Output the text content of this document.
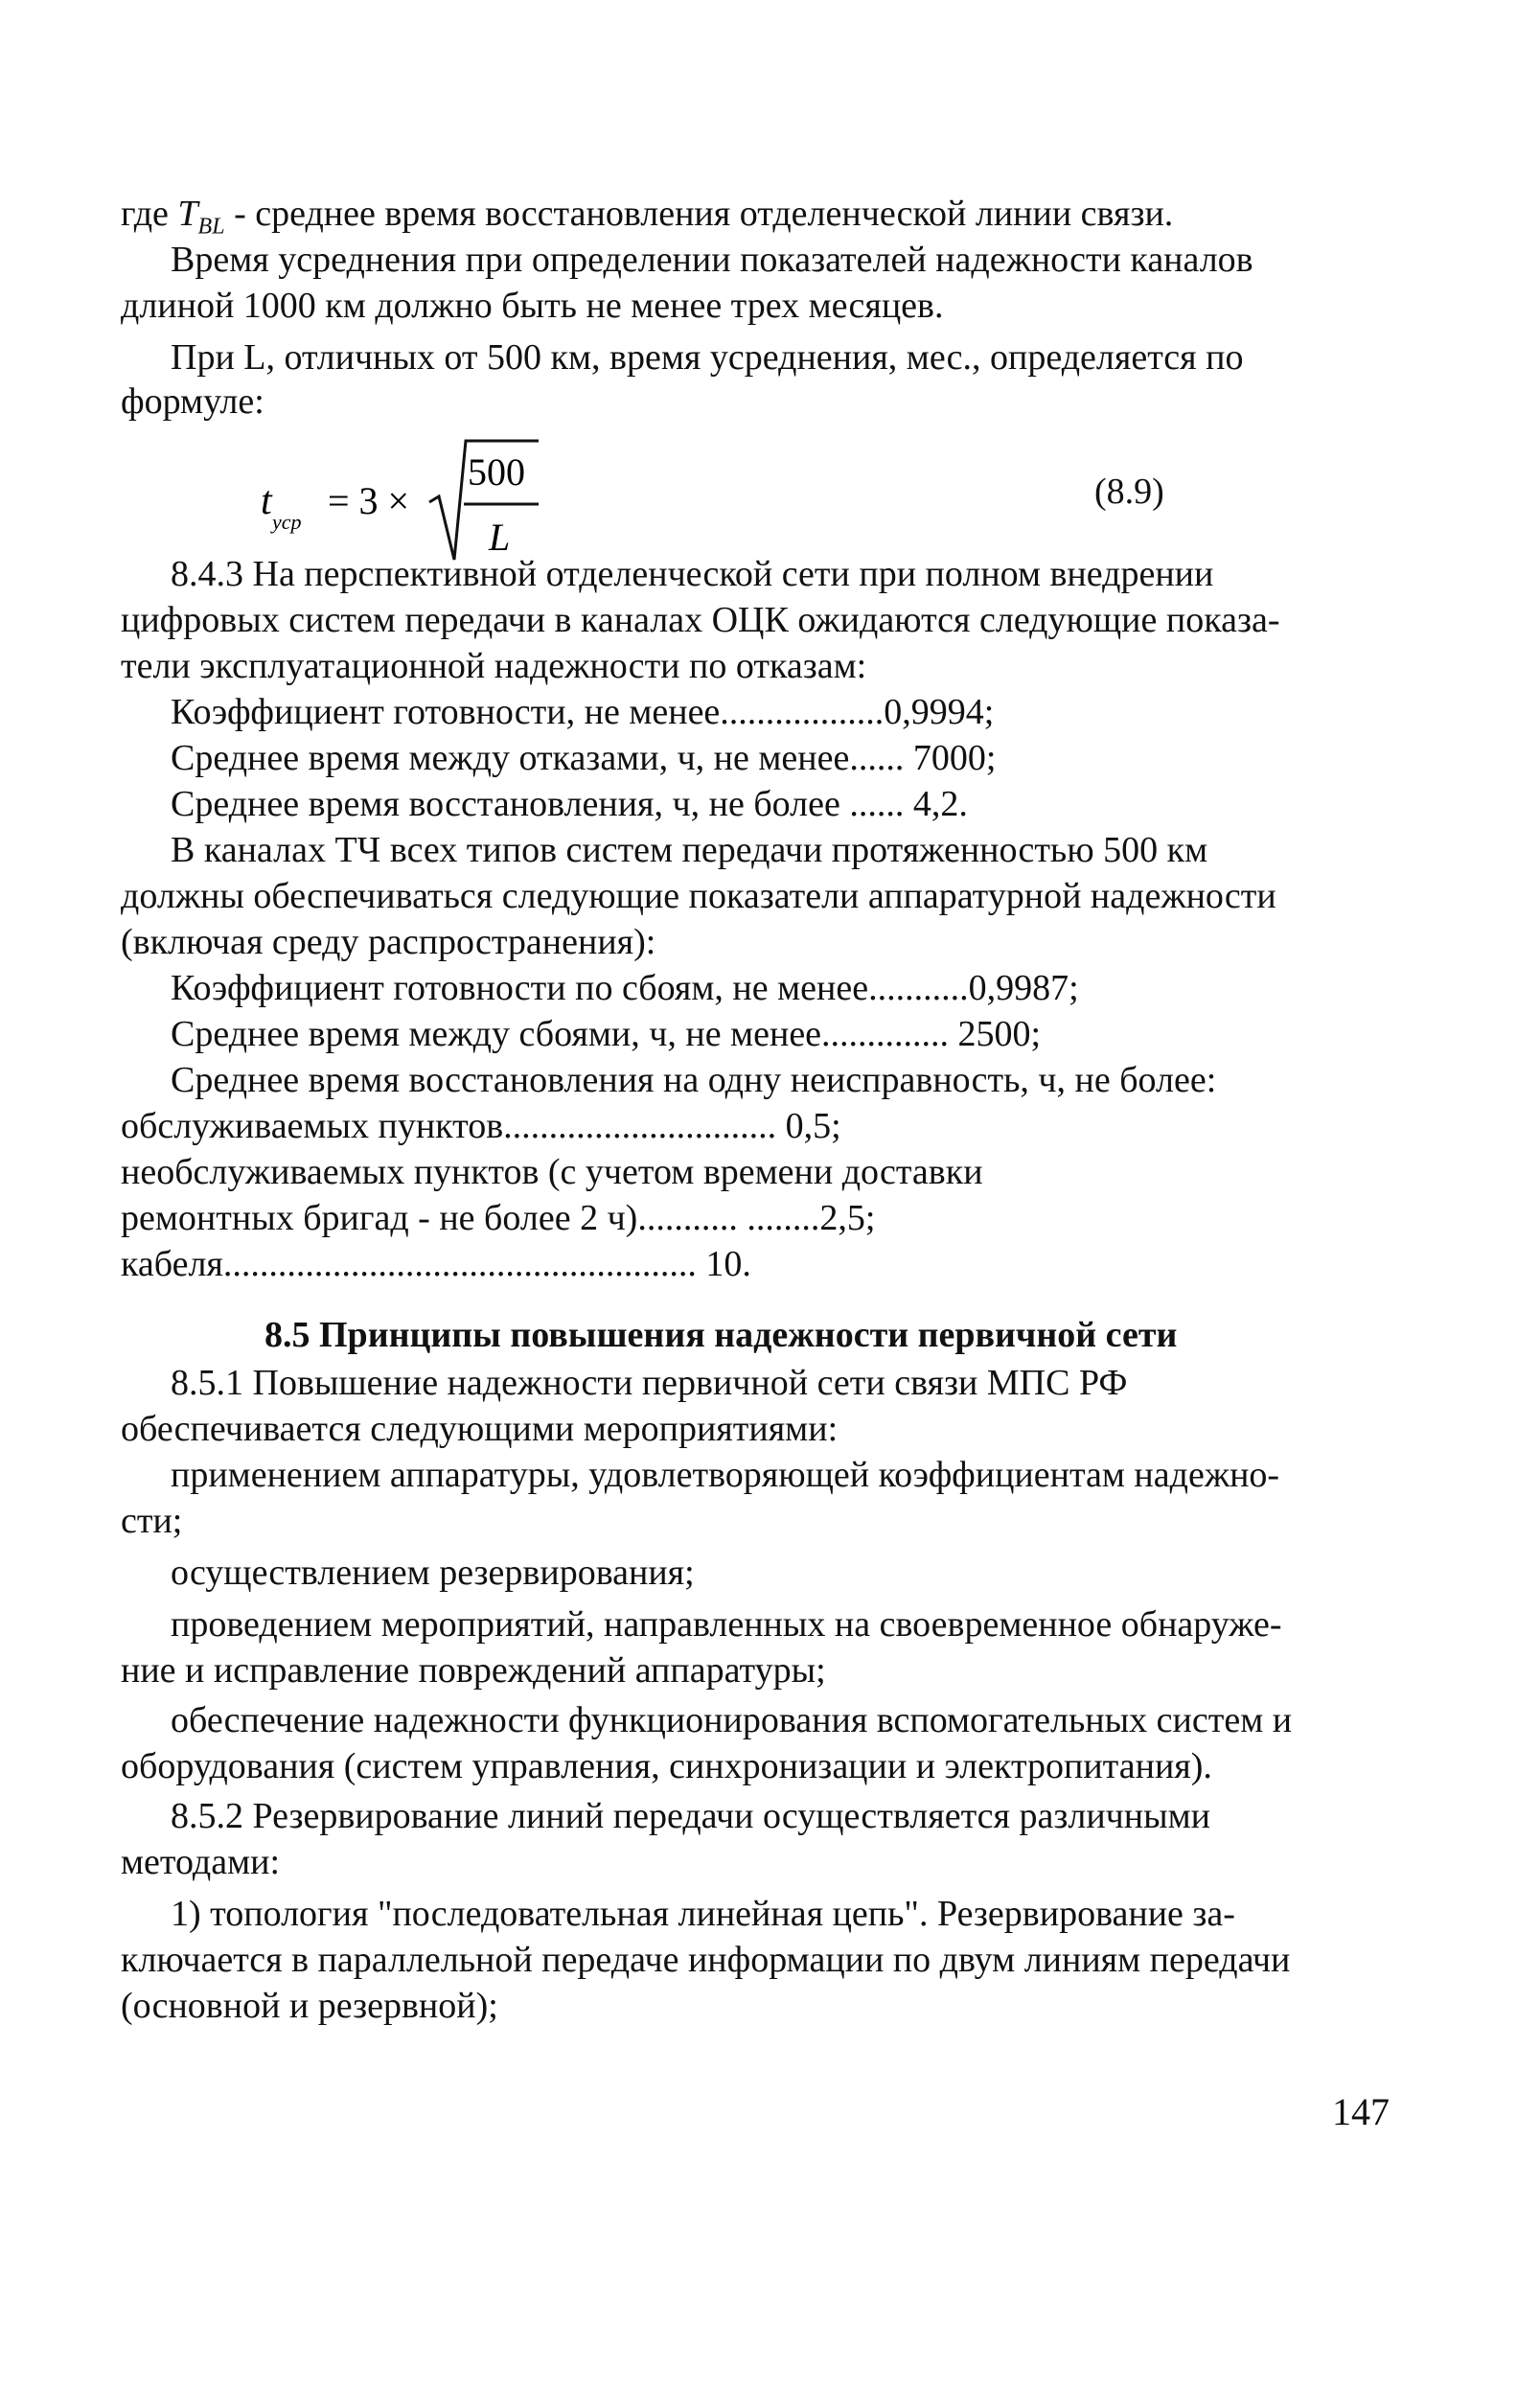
где $Т_{BL}$ - среднее время восстановления отделенческой линии связи.
Время усреднения при определении показателей надежности каналов
длиной 1000 км должно быть не менее трех месяцев.
При L, отличных от 500 км, время усреднения, мес., определяется по
формуле:
t уср = 3 ×
500
L
(8.9)
8.4.3 На перспективной отделенческой сети при полном внедрении
цифровых систем передачи в каналах ОЦК ожидаются следующие показа-
тели эксплуатационной надежности по отказам:
Коэффициент готовности, не менее..................0,9994;
Среднее время между отказами, ч, не менее...... 7000;
Среднее время восстановления, ч, не более ...... 4,2.
В каналах ТЧ всех типов систем передачи протяженностью 500 км
должны обеспечиваться следующие показатели аппаратурной надежности
(включая среду распространения):
Коэффициент готовности по сбоям, не менее...........0,9987;
Среднее время между сбоями, ч, не менее.............. 2500;
Среднее время восстановления на одну неисправность, ч, не более:
обслуживаемых пунктов.............................. 0,5;
необслуживаемых пунктов (с учетом времени доставки
ремонтных бригад - не более 2 ч)........... ........2,5;
кабеля.................................................... 10.
8.5 Принципы повышения надежности первичной сети
8.5.1 Повышение надежности первичной сети связи МПС РФ
обеспечивается следующими мероприятиями:
применением аппаратуры, удовлетворяющей коэффициентам надежно-
сти;
осуществлением резервирования;
проведением мероприятий, направленных на своевременное обнаруже-
ние и исправление повреждений аппаратуры;
обеспечение надежности функционирования вспомогательных систем и
оборудования (систем управления, синхронизации и электропитания).
8.5.2 Резервирование линий передачи осуществляется различными
методами:
1) топология "последовательная линейная цепь". Резервирование за-
ключается в параллельной передаче информации по двум линиям передачи
(основной и резервной);
147
